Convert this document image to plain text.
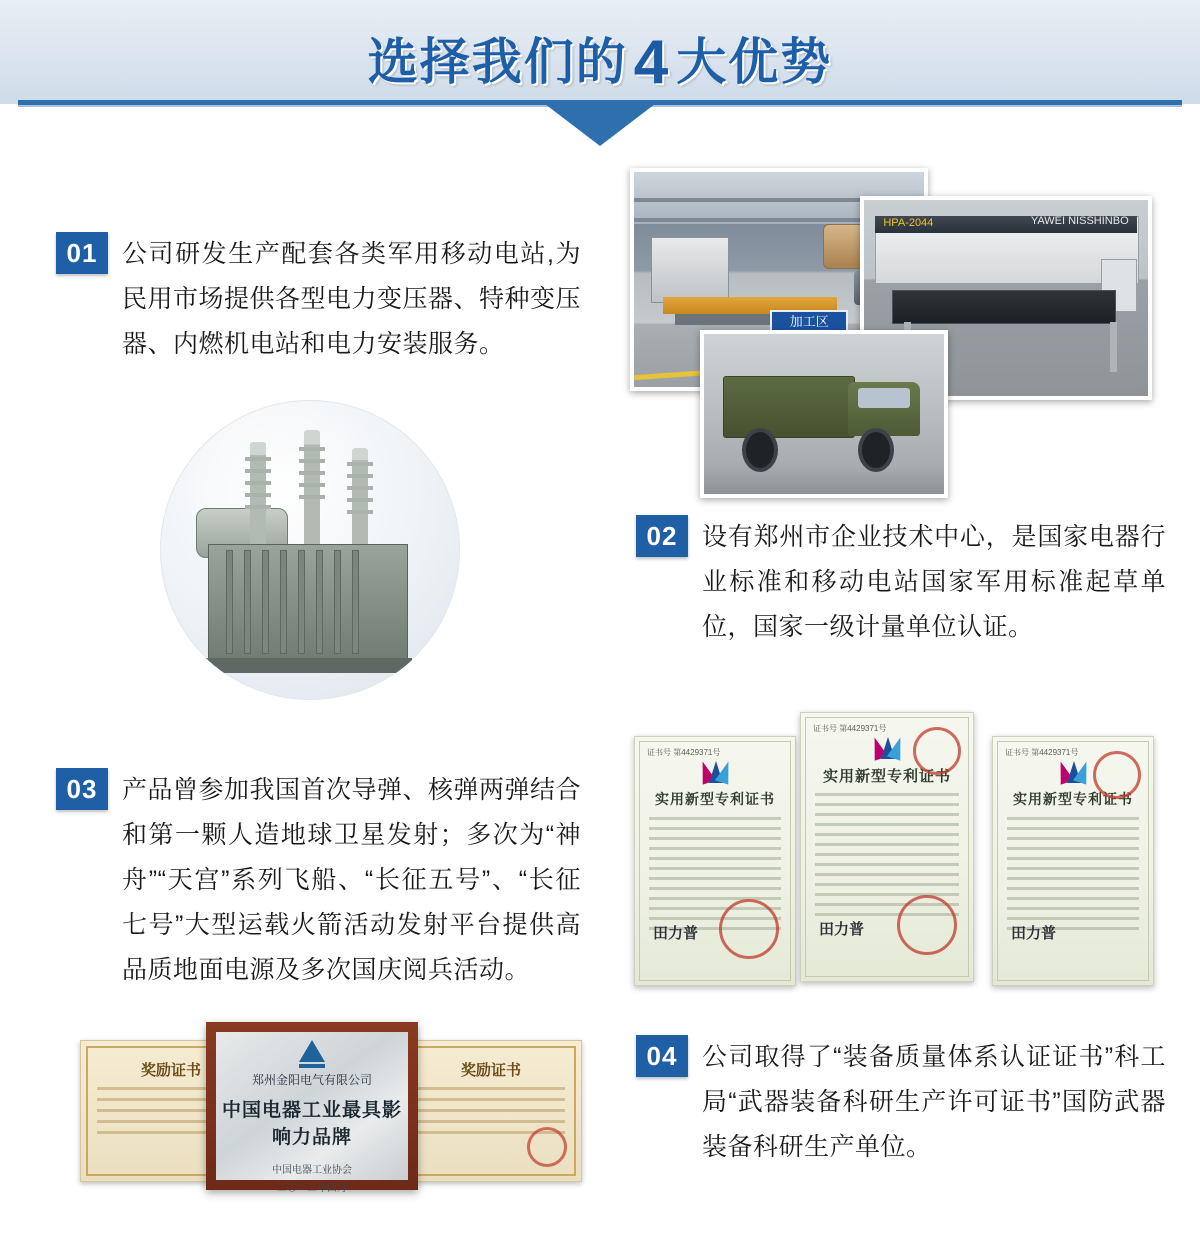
选择我们的4 大优势
01 公司研发生产配套各类军用移动电站,为民用市场提供各型电力变压器、特种变压器、内燃机电站和电力安装服务。
加工区
HPA-2044	YAWEI NISSHINBO
02 设有郑州市企业技术中心，是国家电器行业标准和移动电站国家军用标准起草单位，国家一级计量单位认证。
03 产品曾参加我国首次导弹、核弹两弹结合和第一颗人造地球卫星发射；多次为“神舟”“天宫”系列飞船、“长征五号”、“长征七号”大型运载火箭活动发射平台提供高品质地面电源及多次国庆阅兵活动。
证书号 第4429371号
实用新型专利证书
田力普
证书号 第4429371号
实用新型专利证书
田力普
证书号 第4429371号
实用新型专利证书
田力普
奖励证书	奖励证书
郑州金阳电气有限公司
中国电器工业最具影响力品牌
中国电器工业协会
二〇一二年四月
04 公司取得了“装备质量体系认证证书”科工局“武器装备科研生产许可证书”国防武器装备科研生产单位。
